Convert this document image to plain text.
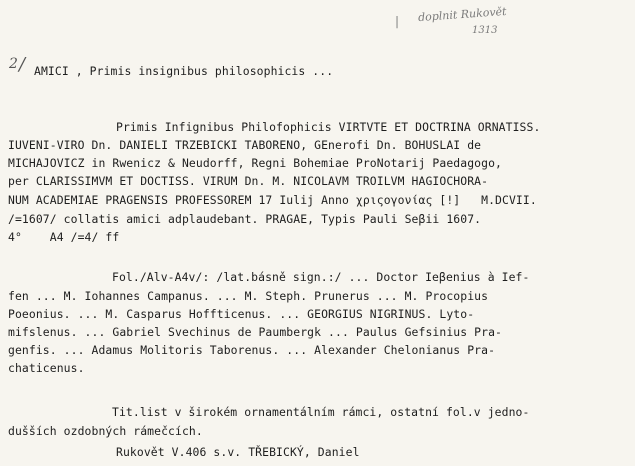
doplnit Rukovět
1313
|
2 / AMICI , Primis insignibus philosophicis ...
Primis Infignibus Philofophicis VIRTVTE ET DOCTRINA ORNATISS.
IUVENI-VIRO Dn. DANIELI TRZEBICKI TABORENO, GEnerofi Dn. BOHUSLAI de
MICHAJOVICZ in Rwenicz & Neudorff, Regni Bohemiae ProNotarij Paedagogo,
per CLARISSIMVM ET DOCTISS. VIRUM Dn. M. NICOLAVM TROILVM HAGIOCHORA-
NUM ACADEMIAE PRAGENSIS PROFESSOREM 17 Iulij Anno χριςογονίας [!]   M.DCVII.
/=1607/ collatis amici adplaudebant. PRAGAE, Typis Pauli Seβii 1607.
4°    A4 /=4/ ff
Fol./Alv-A4v/: /lat.básně sign.:/ ... Doctor Ieβenius à Ief-
fen ... M. Iohannes Campanus. ... M. Steph. Prunerus ... M. Procopius
Poeonius. ... M. Casparus Hoffticenus. ... GEORGIUS NIGRINUS. Lyto-
mifslenus. ... Gabriel Svechinus de Paumbergk ... Paulus Gefsinius Pra-
genfis. ... Adamus Molitoris Taborenus. ... Alexander Chelonianus Pra-
chaticenus.
Tit.list v širokém ornamentálním rámci, ostatní fol.v jedno-
dušších ozdobných rámečcích.
Rukovět V.406 s.v. TŘEBICKÝ, Daniel
